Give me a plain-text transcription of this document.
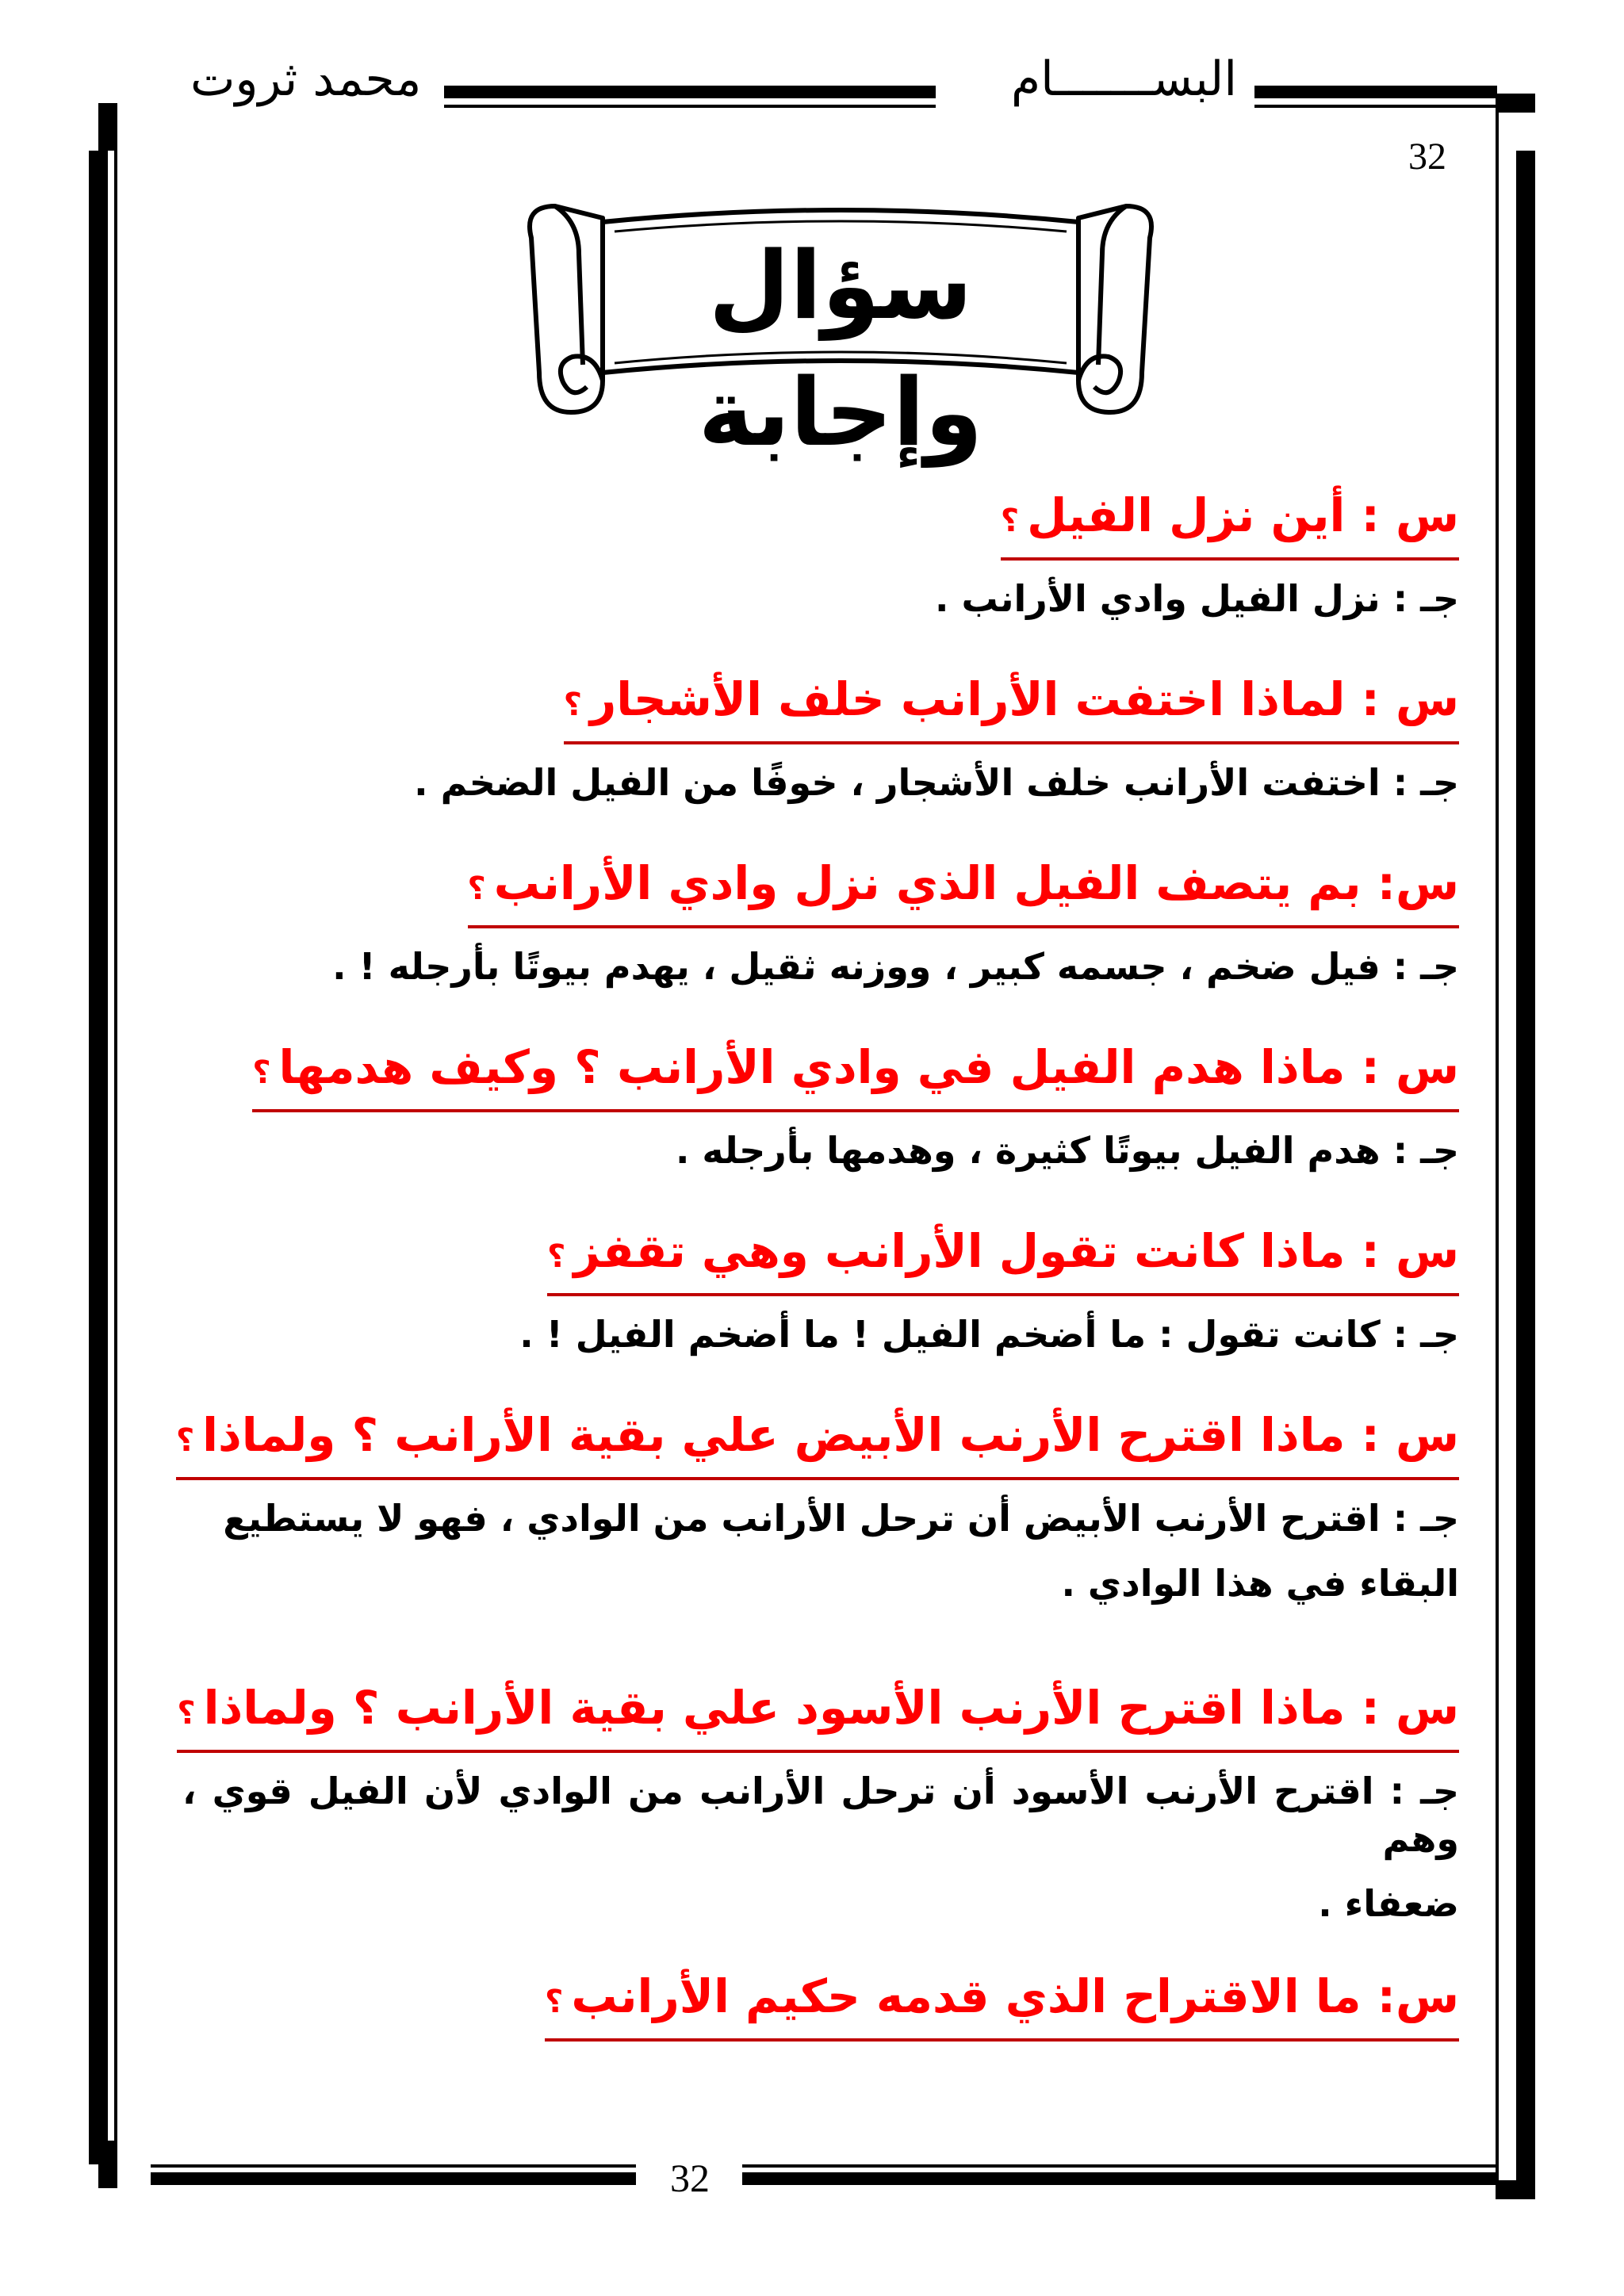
محمد ثروت	البســـــــام
32
سؤال وإجابة
س : أين نزل الفيل؟
جـ : نزل الفيل وادي الأرانب .
س : لماذا اختفت الأرانب خلف الأشجار؟
جـ : اختفت الأرانب خلف الأشجار ، خوفًا من الفيل الضخم .
س: بم يتصف الفيل الذي نزل وادي الأرانب؟
جـ : فيل ضخم ، جسمه كبير ، ووزنه ثقيل ، يهدم بيوتًا بأرجله ! .
س : ماذا هدم الفيل في وادي الأرانب ؟ وكيف هدمها؟
جـ : هدم الفيل بيوتًا كثيرة ، وهدمها بأرجله .
س : ماذا كانت تقول الأرانب وهي تقفز؟
جـ : كانت تقول : ما أضخم الفيل ! ما أضخم الفيل ! .
س : ماذا اقترح الأرنب الأبيض علي بقية الأرانب ؟ ولماذا؟
جـ : اقترح الأرنب الأبيض أن ترحل الأرانب من الوادي ، فهو لا يستطيع
البقاء في هذا الوادي .
س : ماذا اقترح الأرنب الأسود علي بقية الأرانب ؟ ولماذا؟
جـ : اقترح الأرنب الأسود أن ترحل الأرانب من الوادي لأن الفيل قوي ، وهم
ضعفاء .
س: ما الاقتراح الذي قدمه حكيم الأرانب؟
32
